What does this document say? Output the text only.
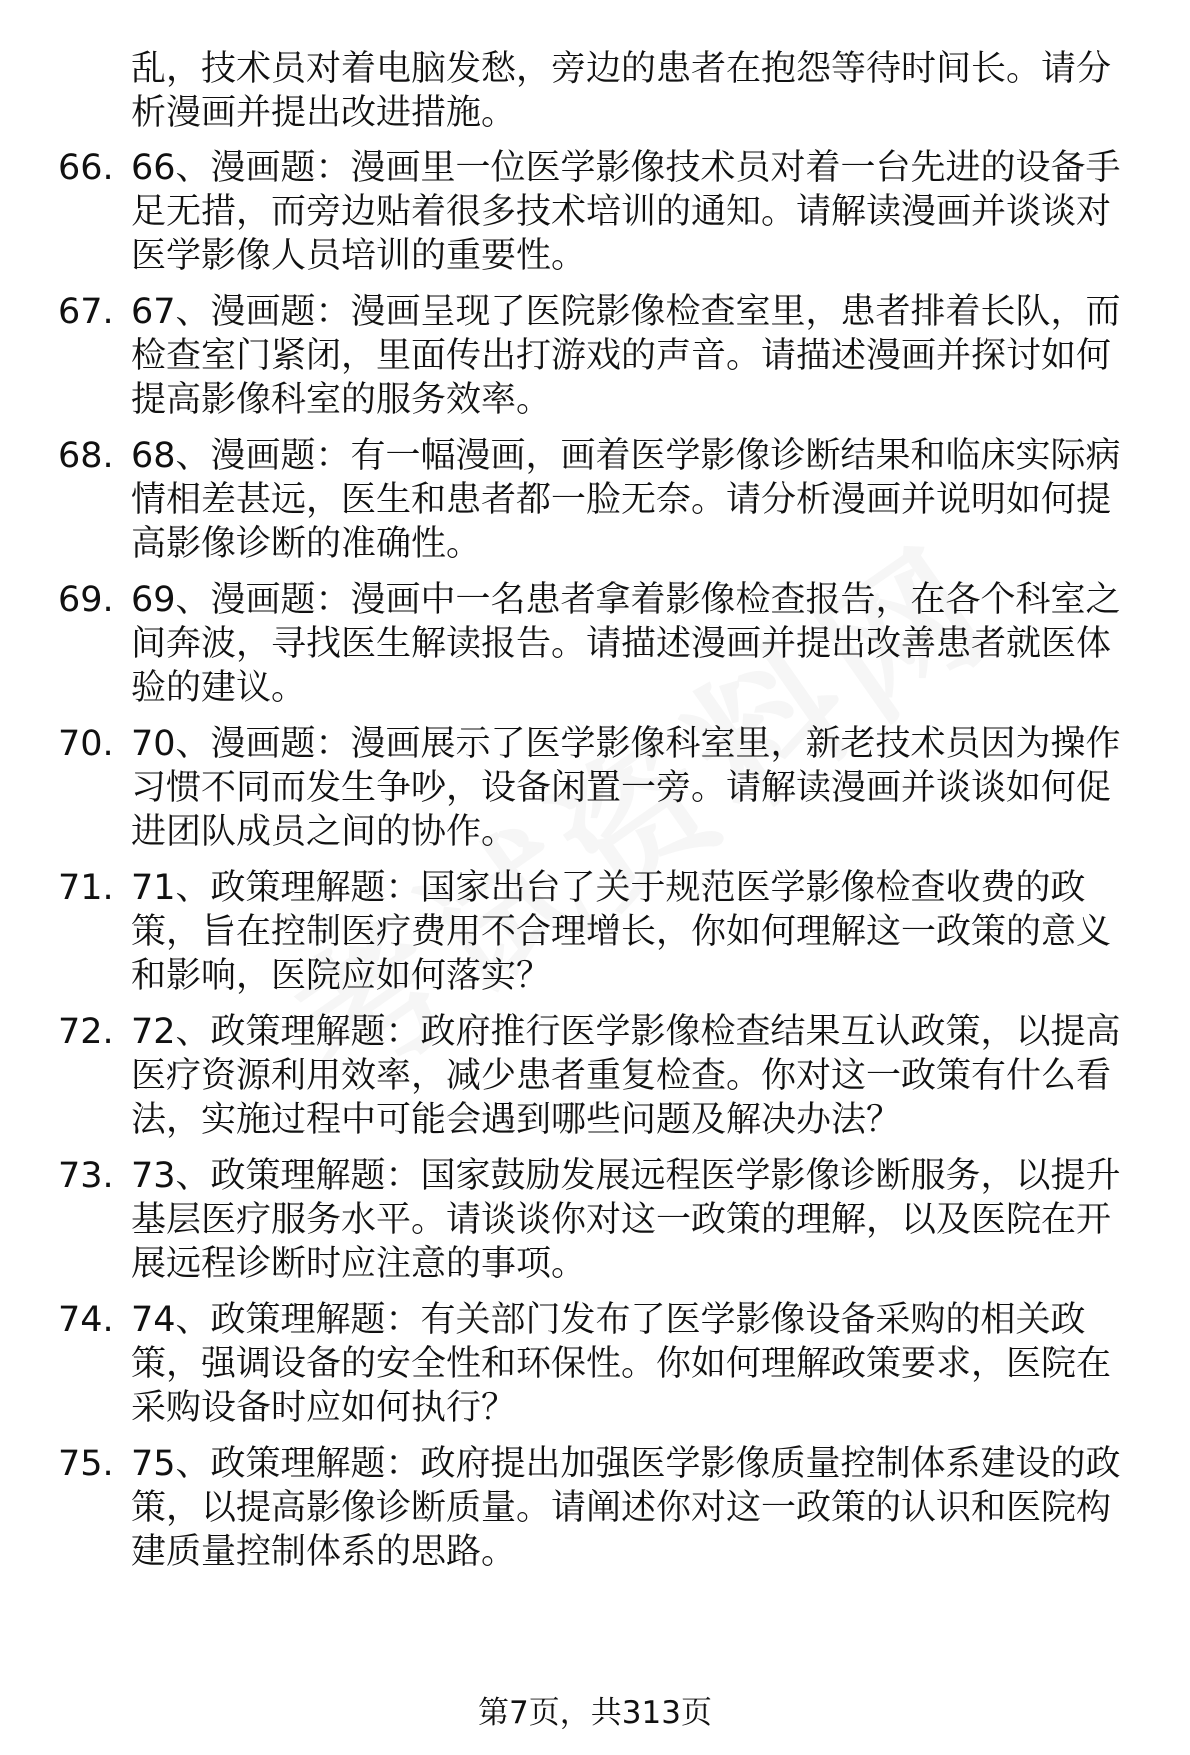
乱，技术员对着电脑发愁，旁边的患者在抱怨等待时间长。请分
析漫画并提出改进措施。
66. 66、漫画题：漫画里一位医学影像技术员对着一台先进的设备手
足无措，而旁边贴着很多技术培训的通知。请解读漫画并谈谈对
医学影像人员培训的重要性。
67. 67、漫画题：漫画呈现了医院影像检查室里，患者排着长队，而
检查室门紧闭，里面传出打游戏的声音。请描述漫画并探讨如何
提高影像科室的服务效率。
68. 68、漫画题：有一幅漫画，画着医学影像诊断结果和临床实际病
情相差甚远，医生和患者都一脸无奈。请分析漫画并说明如何提
高影像诊断的准确性。
69. 69、漫画题：漫画中一名患者拿着影像检查报告，在各个科室之
间奔波，寻找医生解读报告。请描述漫画并提出改善患者就医体
验的建议。
70. 70、漫画题：漫画展示了医学影像科室里，新老技术员因为操作
习惯不同而发生争吵，设备闲置一旁。请解读漫画并谈谈如何促
进团队成员之间的协作。
71. 71、政策理解题：国家出台了关于规范医学影像检查收费的政
策，旨在控制医疗费用不合理增长，你如何理解这一政策的意义
和影响，医院应如何落实？
72. 72、政策理解题：政府推行医学影像检查结果互认政策，以提高
医疗资源利用效率，减少患者重复检查。你对这一政策有什么看
法，实施过程中可能会遇到哪些问题及解决办法？
73. 73、政策理解题：国家鼓励发展远程医学影像诊断服务，以提升
基层医疗服务水平。请谈谈你对这一政策的理解，以及医院在开
展远程诊断时应注意的事项。
74. 74、政策理解题：有关部门发布了医学影像设备采购的相关政
策，强调设备的安全性和环保性。你如何理解政策要求，医院在
采购设备时应如何执行？
75. 75、政策理解题：政府提出加强医学影像质量控制体系建设的政
策，以提高影像诊断质量。请阐述你对这一政策的认识和医院构
建质量控制体系的思路。
第7页，共313页
